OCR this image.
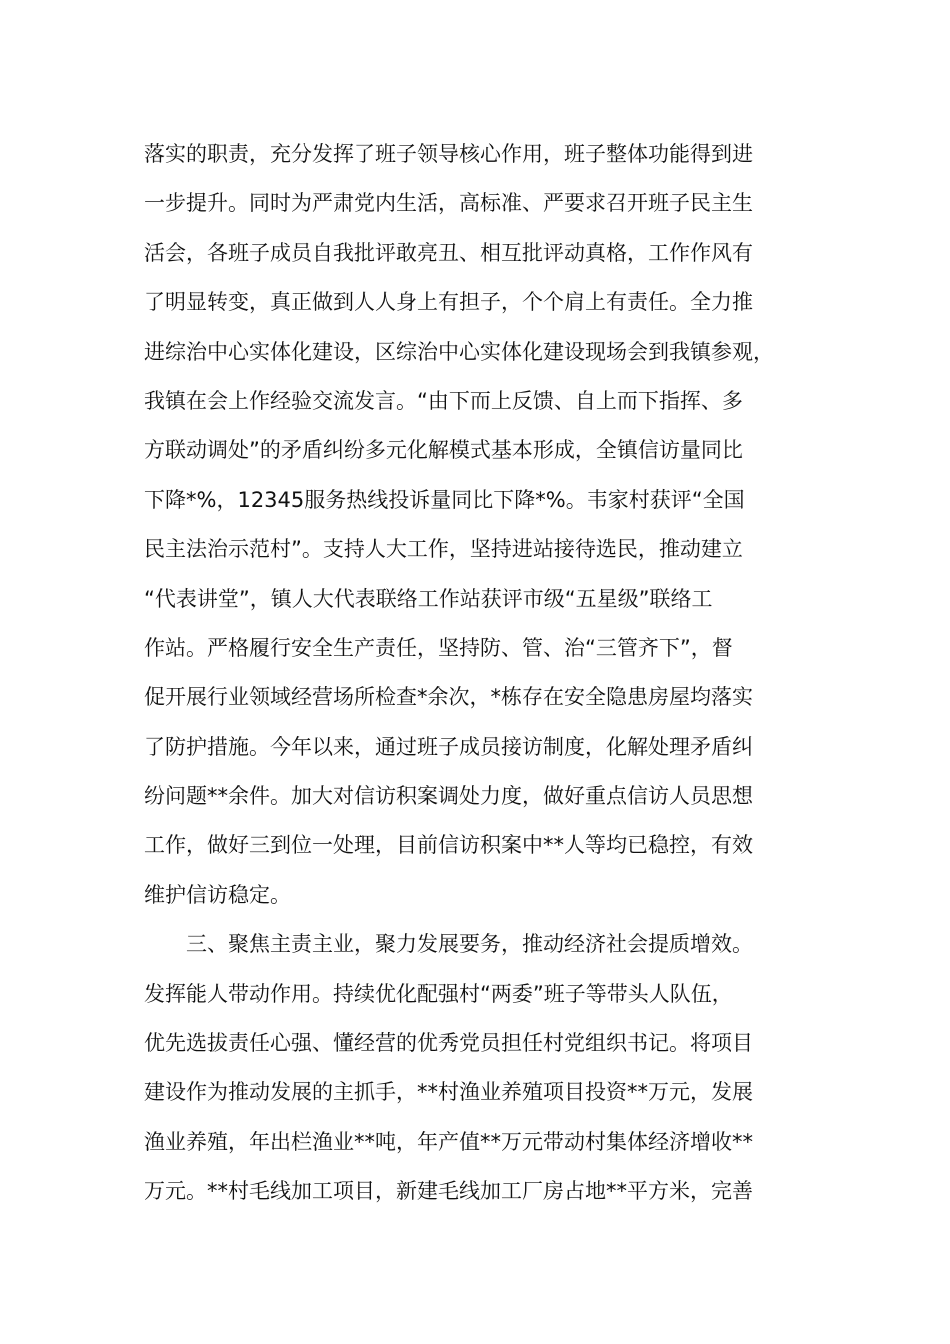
落实的职责，充分发挥了班子领导核心作用，班子整体功能得到进
一步提升。同时为严肃党内生活，高标准、严要求召开班子民主生
活会，各班子成员自我批评敢亮丑、相互批评动真格，工作作风有
了明显转变，真正做到人人身上有担子，个个肩上有责任。全力推
进综治中心实体化建设，区综治中心实体化建设现场会到我镇参观，
我镇在会上作经验交流发言。“由下而上反馈、自上而下指挥、多
方联动调处”的矛盾纠纷多元化解模式基本形成，全镇信访量同比
下降*%，12345服务热线投诉量同比下降*%。韦家村获评“全国
民主法治示范村”。支持人大工作，坚持进站接待选民，推动建立
“代表讲堂”，镇人大代表联络工作站获评市级“五星级”联络工
作站。严格履行安全生产责任，坚持防、管、治“三管齐下”，督
促开展行业领域经营场所检查*余次，*栋存在安全隐患房屋均落实
了防护措施。今年以来，通过班子成员接访制度，化解处理矛盾纠
纷问题**余件。加大对信访积案调处力度，做好重点信访人员思想
工作，做好三到位一处理，目前信访积案中**人等均已稳控，有效
维护信访稳定。
三、聚焦主责主业，聚力发展要务，推动经济社会提质增效。
发挥能人带动作用。持续优化配强村“两委”班子等带头人队伍，
优先选拔责任心强、懂经营的优秀党员担任村党组织书记。将项目
建设作为推动发展的主抓手，**村渔业养殖项目投资**万元，发展
渔业养殖，年出栏渔业**吨，年产值**万元带动村集体经济增收**
万元。**村毛线加工项目，新建毛线加工厂房占地**平方米，完善
